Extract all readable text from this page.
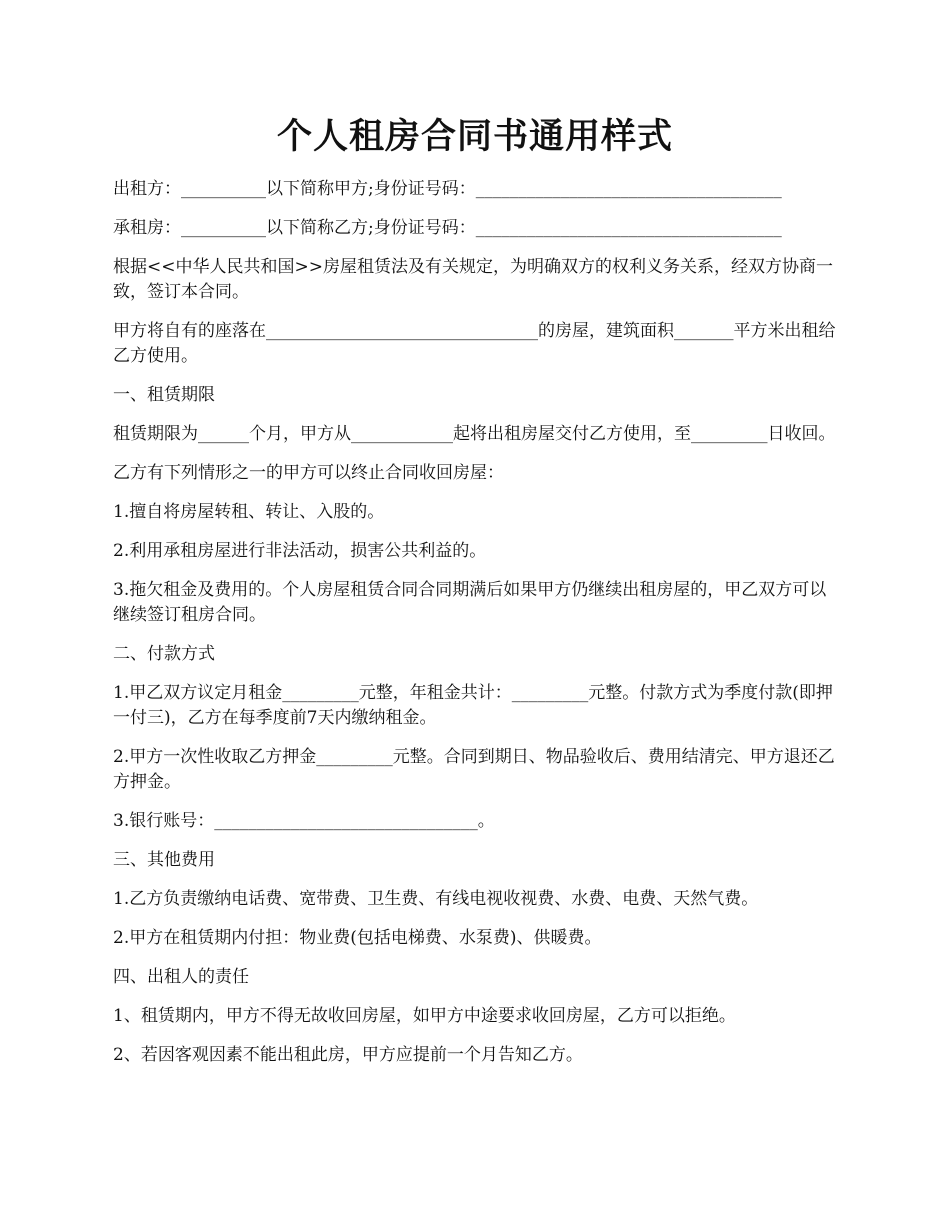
个人租房合同书通用样式

出租方：__________以下简称甲方;身份证号码：____________________________________

承租房：__________以下简称乙方;身份证号码：____________________________________

根据<<中华人民共和国>>房屋租赁法及有关规定，为明确双方的权利义务关系，经双方协商一致，签订本合同。

甲方将自有的座落在________________________________的房屋，建筑面积_______平方米出租给乙方使用。

一、租赁期限

租赁期限为______个月，甲方从____________起将出租房屋交付乙方使用，至_________日收回。

乙方有下列情形之一的甲方可以终止合同收回房屋：

1.擅自将房屋转租、转让、入股的。

2.利用承租房屋进行非法活动，损害公共利益的。

3.拖欠租金及费用的。个人房屋租赁合同合同期满后如果甲方仍继续出租房屋的，甲乙双方可以继续签订租房合同。

二、付款方式

1.甲乙双方议定月租金_________元整，年租金共计：_________元整。付款方式为季度付款(即押一付三)，乙方在每季度前7天内缴纳租金。

2.甲方一次性收取乙方押金_________元整。合同到期日、物品验收后、费用结清完、甲方退还乙方押金。

3.银行账号：_______________________________。

三、其他费用

1.乙方负责缴纳电话费、宽带费、卫生费、有线电视收视费、水费、电费、天然气费。

2.甲方在租赁期内付担：物业费(包括电梯费、水泵费)、供暖费。

四、出租人的责任

1、租赁期内，甲方不得无故收回房屋，如甲方中途要求收回房屋，乙方可以拒绝。

2、若因客观因素不能出租此房，甲方应提前一个月告知乙方。
